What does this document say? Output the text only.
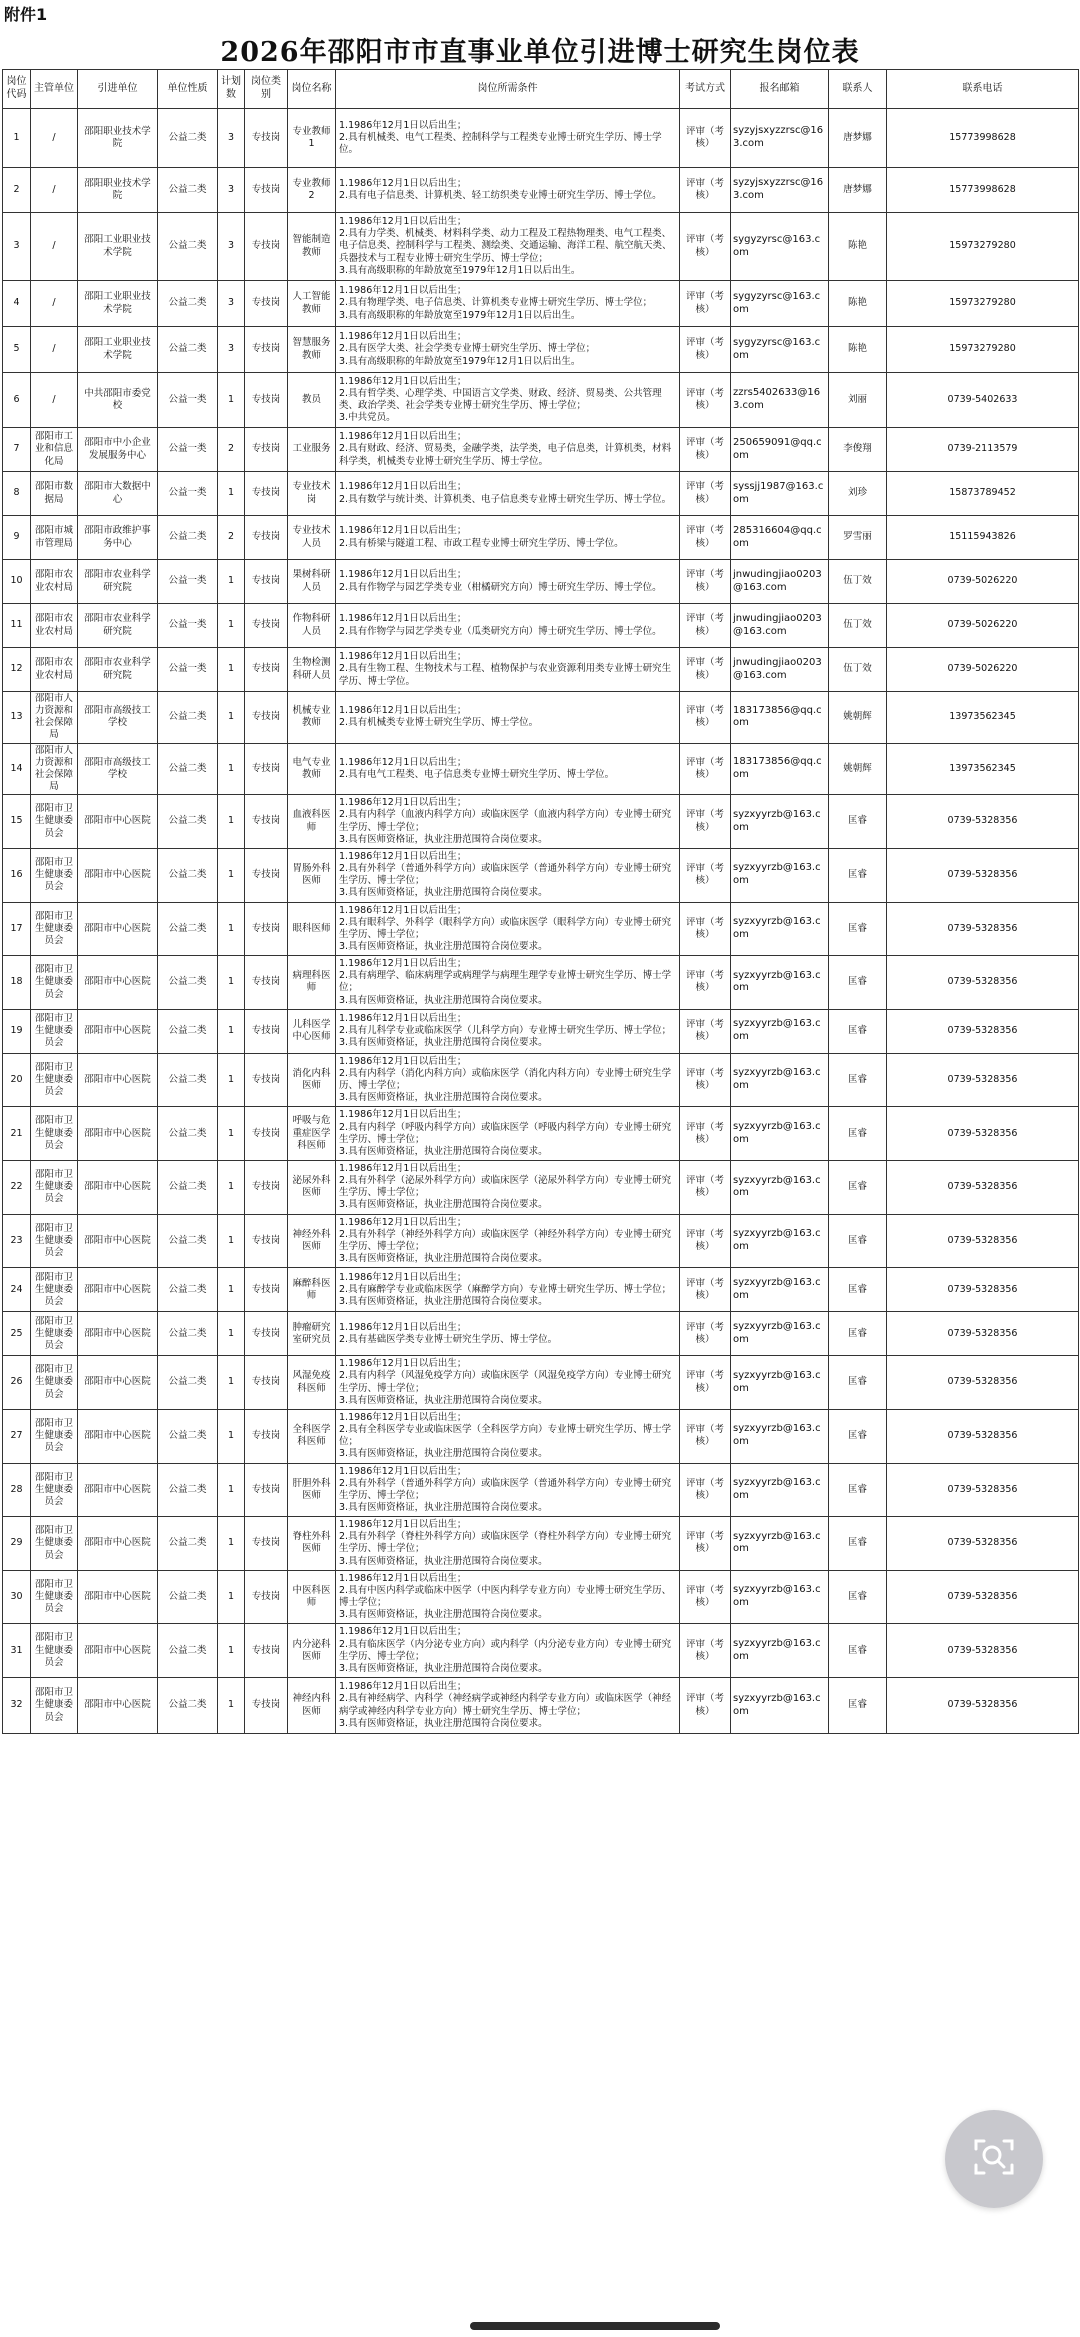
附件1
2026年邵阳市市直事业单位引进博士研究生岗位表
岗位代码	主管单位	引进单位	单位性质	计划数	岗位类别	岗位名称	岗位所需条件	考试方式	报名邮箱	联系人	联系电话
1	/	邵阳职业技术学院	公益二类	3	专技岗	专业教师1	1.1986年12月1日以后出生；
2.具有机械类、电气工程类、控制科学与工程类专业博士研究生学历、博士学位。	评审（考核）	syzyjsxyzzrsc@163.com	唐梦娜	15773998628
2	/	邵阳职业技术学院	公益二类	3	专技岗	专业教师2	1.1986年12月1日以后出生；
2.具有电子信息类、计算机类、轻工纺织类专业博士研究生学历、博士学位。	评审（考核）	syzyjsxyzzrsc@163.com	唐梦娜	15773998628
3	/	邵阳工业职业技术学院	公益二类	3	专技岗	智能制造教师	1.1986年12月1日以后出生；
2.具有力学类、机械类、材料科学类、动力工程及工程热物理类、电气工程类、电子信息类、控制科学与工程类、测绘类、交通运输、海洋工程、航空航天类、兵器技术与工程专业博士研究生学历、博士学位；
3.具有高级职称的年龄放宽至1979年12月1日以后出生。	评审（考核）	sygyzyrsc@163.com	陈艳	15973279280
4	/	邵阳工业职业技术学院	公益二类	3	专技岗	人工智能教师	1.1986年12月1日以后出生；
2.具有物理学类、电子信息类、计算机类专业博士研究生学历、博士学位；
3.具有高级职称的年龄放宽至1979年12月1日以后出生。	评审（考核）	sygyzyrsc@163.com	陈艳	15973279280
5	/	邵阳工业职业技术学院	公益二类	3	专技岗	智慧服务教师	1.1986年12月1日以后出生；
2.具有医学大类、社会学类专业博士研究生学历、博士学位；
3.具有高级职称的年龄放宽至1979年12月1日以后出生。	评审（考核）	sygyzyrsc@163.com	陈艳	15973279280
6	/	中共邵阳市委党校	公益一类	1	专技岗	教员	1.1986年12月1日以后出生；
2.具有哲学类、心理学类、中国语言文学类、财政、经济、贸易类、公共管理类、政治学类、社会学类专业博士研究生学历、博士学位；
3.中共党员。	评审（考核）	zzrs5402633@163.com	刘丽	0739-5402633
7	邵阳市工业和信息化局	邵阳市中小企业发展服务中心	公益一类	2	专技岗	工业服务	1.1986年12月1日以后出生；
2.具有财政、经济、贸易类，金融学类，法学类，电子信息类，计算机类，材料科学类，机械类专业博士研究生学历、博士学位。	评审（考核）	250659091@qq.com	李俊翔	0739-2113579
8	邵阳市数据局	邵阳市大数据中心	公益一类	1	专技岗	专业技术岗	1.1986年12月1日以后出生；
2.具有数学与统计类、计算机类、电子信息类专业博士研究生学历、博士学位。	评审（考核）	syssjj1987@163.com	刘珍	15873789452
9	邵阳市城市管理局	邵阳市政维护事务中心	公益二类	2	专技岗	专业技术人员	1.1986年12月1日以后出生；
2.具有桥梁与隧道工程、市政工程专业博士研究生学历、博士学位。	评审（考核）	285316604@qq.com	罗雪丽	15115943826
10	邵阳市农业农村局	邵阳市农业科学研究院	公益一类	1	专技岗	果树科研人员	1.1986年12月1日以后出生；
2.具有作物学与园艺学类专业（柑橘研究方向）博士研究生学历、博士学位。	评审（考核）	jnwudingjiao0203@163.com	伍丁效	0739-5026220
11	邵阳市农业农村局	邵阳市农业科学研究院	公益一类	1	专技岗	作物科研人员	1.1986年12月1日以后出生；
2.具有作物学与园艺学类专业（瓜类研究方向）博士研究生学历、博士学位。	评审（考核）	jnwudingjiao0203@163.com	伍丁效	0739-5026220
12	邵阳市农业农村局	邵阳市农业科学研究院	公益一类	1	专技岗	生物检测科研人员	1.1986年12月1日以后出生；
2.具有生物工程、生物技术与工程、植物保护与农业资源利用类专业博士研究生学历、博士学位。	评审（考核）	jnwudingjiao0203@163.com	伍丁效	0739-5026220
13	邵阳市人力资源和社会保障局	邵阳市高级技工学校	公益二类	1	专技岗	机械专业教师	1.1986年12月1日以后出生；
2.具有机械类专业博士研究生学历、博士学位。	评审（考核）	183173856@qq.com	姚朝辉	13973562345
14	邵阳市人力资源和社会保障局	邵阳市高级技工学校	公益二类	1	专技岗	电气专业教师	1.1986年12月1日以后出生；
2.具有电气工程类、电子信息类专业博士研究生学历、博士学位。	评审（考核）	183173856@qq.com	姚朝辉	13973562345
15	邵阳市卫生健康委员会	邵阳市中心医院	公益二类	1	专技岗	血液科医师	1.1986年12月1日以后出生；
2.具有内科学（血液内科学方向）或临床医学（血液内科学方向）专业博士研究生学历、博士学位；
3.具有医师资格证，执业注册范围符合岗位要求。	评审（考核）	syzxyyrzb@163.com	匡睿	0739-5328356
16	邵阳市卫生健康委员会	邵阳市中心医院	公益二类	1	专技岗	胃肠外科医师	1.1986年12月1日以后出生；
2.具有外科学（普通外科学方向）或临床医学（普通外科学方向）专业博士研究生学历、博士学位；
3.具有医师资格证，执业注册范围符合岗位要求。	评审（考核）	syzxyyrzb@163.com	匡睿	0739-5328356
17	邵阳市卫生健康委员会	邵阳市中心医院	公益二类	1	专技岗	眼科医师	1.1986年12月1日以后出生；
2.具有眼科学、外科学（眼科学方向）或临床医学（眼科学方向）专业博士研究生学历、博士学位；
3.具有医师资格证，执业注册范围符合岗位要求。	评审（考核）	syzxyyrzb@163.com	匡睿	0739-5328356
18	邵阳市卫生健康委员会	邵阳市中心医院	公益二类	1	专技岗	病理科医师	1.1986年12月1日以后出生；
2.具有病理学、临床病理学或病理学与病理生理学专业博士研究生学历、博士学位；
3.具有医师资格证，执业注册范围符合岗位要求。	评审（考核）	syzxyyrzb@163.com	匡睿	0739-5328356
19	邵阳市卫生健康委员会	邵阳市中心医院	公益二类	1	专技岗	儿科医学中心医师	1.1986年12月1日以后出生；
2.具有儿科学专业或临床医学（儿科学方向）专业博士研究生学历、博士学位；
3.具有医师资格证，执业注册范围符合岗位要求。	评审（考核）	syzxyyrzb@163.com	匡睿	0739-5328356
20	邵阳市卫生健康委员会	邵阳市中心医院	公益二类	1	专技岗	消化内科医师	1.1986年12月1日以后出生；
2.具有内科学（消化内科方向）或临床医学（消化内科方向）专业博士研究生学历、博士学位；
3.具有医师资格证，执业注册范围符合岗位要求。	评审（考核）	syzxyyrzb@163.com	匡睿	0739-5328356
21	邵阳市卫生健康委员会	邵阳市中心医院	公益二类	1	专技岗	呼吸与危重症医学科医师	1.1986年12月1日以后出生；
2.具有内科学（呼吸内科学方向）或临床医学（呼吸内科学方向）专业博士研究生学历、博士学位；
3.具有医师资格证，执业注册范围符合岗位要求。	评审（考核）	syzxyyrzb@163.com	匡睿	0739-5328356
22	邵阳市卫生健康委员会	邵阳市中心医院	公益二类	1	专技岗	泌尿外科医师	1.1986年12月1日以后出生；
2.具有外科学（泌尿外科学方向）或临床医学（泌尿外科学方向）专业博士研究生学历、博士学位；
3.具有医师资格证，执业注册范围符合岗位要求。	评审（考核）	syzxyyrzb@163.com	匡睿	0739-5328356
23	邵阳市卫生健康委员会	邵阳市中心医院	公益二类	1	专技岗	神经外科医师	1.1986年12月1日以后出生；
2.具有外科学（神经外科学方向）或临床医学（神经外科学方向）专业博士研究生学历、博士学位；
3.具有医师资格证，执业注册范围符合岗位要求。	评审（考核）	syzxyyrzb@163.com	匡睿	0739-5328356
24	邵阳市卫生健康委员会	邵阳市中心医院	公益二类	1	专技岗	麻醉科医师	1.1986年12月1日以后出生；
2.具有麻醉学专业或临床医学（麻醉学方向）专业博士研究生学历、博士学位；
3.具有医师资格证，执业注册范围符合岗位要求。	评审（考核）	syzxyyrzb@163.com	匡睿	0739-5328356
25	邵阳市卫生健康委员会	邵阳市中心医院	公益二类	1	专技岗	肿瘤研究室研究员	1.1986年12月1日以后出生；
2.具有基础医学类专业博士研究生学历、博士学位。	评审（考核）	syzxyyrzb@163.com	匡睿	0739-5328356
26	邵阳市卫生健康委员会	邵阳市中心医院	公益二类	1	专技岗	风湿免疫科医师	1.1986年12月1日以后出生；
2.具有内科学（风湿免疫学方向）或临床医学（风湿免疫学方向）专业博士研究生学历、博士学位；
3.具有医师资格证，执业注册范围符合岗位要求。	评审（考核）	syzxyyrzb@163.com	匡睿	0739-5328356
27	邵阳市卫生健康委员会	邵阳市中心医院	公益二类	1	专技岗	全科医学科医师	1.1986年12月1日以后出生；
2.具有全科医学专业或临床医学（全科医学方向）专业博士研究生学历、博士学位；
3.具有医师资格证，执业注册范围符合岗位要求。	评审（考核）	syzxyyrzb@163.com	匡睿	0739-5328356
28	邵阳市卫生健康委员会	邵阳市中心医院	公益二类	1	专技岗	肝胆外科医师	1.1986年12月1日以后出生；
2.具有外科学（普通外科学方向）或临床医学（普通外科学方向）专业博士研究生学历、博士学位；
3.具有医师资格证，执业注册范围符合岗位要求。	评审（考核）	syzxyyrzb@163.com	匡睿	0739-5328356
29	邵阳市卫生健康委员会	邵阳市中心医院	公益二类	1	专技岗	脊柱外科医师	1.1986年12月1日以后出生；
2.具有外科学（脊柱外科学方向）或临床医学（脊柱外科学方向）专业博士研究生学历、博士学位；
3.具有医师资格证，执业注册范围符合岗位要求。	评审（考核）	syzxyyrzb@163.com	匡睿	0739-5328356
30	邵阳市卫生健康委员会	邵阳市中心医院	公益二类	1	专技岗	中医科医师	1.1986年12月1日以后出生；
2.具有中医内科学或临床中医学（中医内科学专业方向）专业博士研究生学历、博士学位；
3.具有医师资格证，执业注册范围符合岗位要求。	评审（考核）	syzxyyrzb@163.com	匡睿	0739-5328356
31	邵阳市卫生健康委员会	邵阳市中心医院	公益二类	1	专技岗	内分泌科医师	1.1986年12月1日以后出生；
2.具有临床医学（内分泌专业方向）或内科学（内分泌专业方向）专业博士研究生学历、博士学位；
3.具有医师资格证，执业注册范围符合岗位要求。	评审（考核）	syzxyyrzb@163.com	匡睿	0739-5328356
32	邵阳市卫生健康委员会	邵阳市中心医院	公益二类	1	专技岗	神经内科医师	1.1986年12月1日以后出生；
2.具有神经病学、内科学（神经病学或神经内科学专业方向）或临床医学（神经病学或神经内科学专业方向）博士研究生学历、博士学位；
3.具有医师资格证，执业注册范围符合岗位要求。	评审（考核）	syzxyyrzb@163.com	匡睿	0739-5328356
